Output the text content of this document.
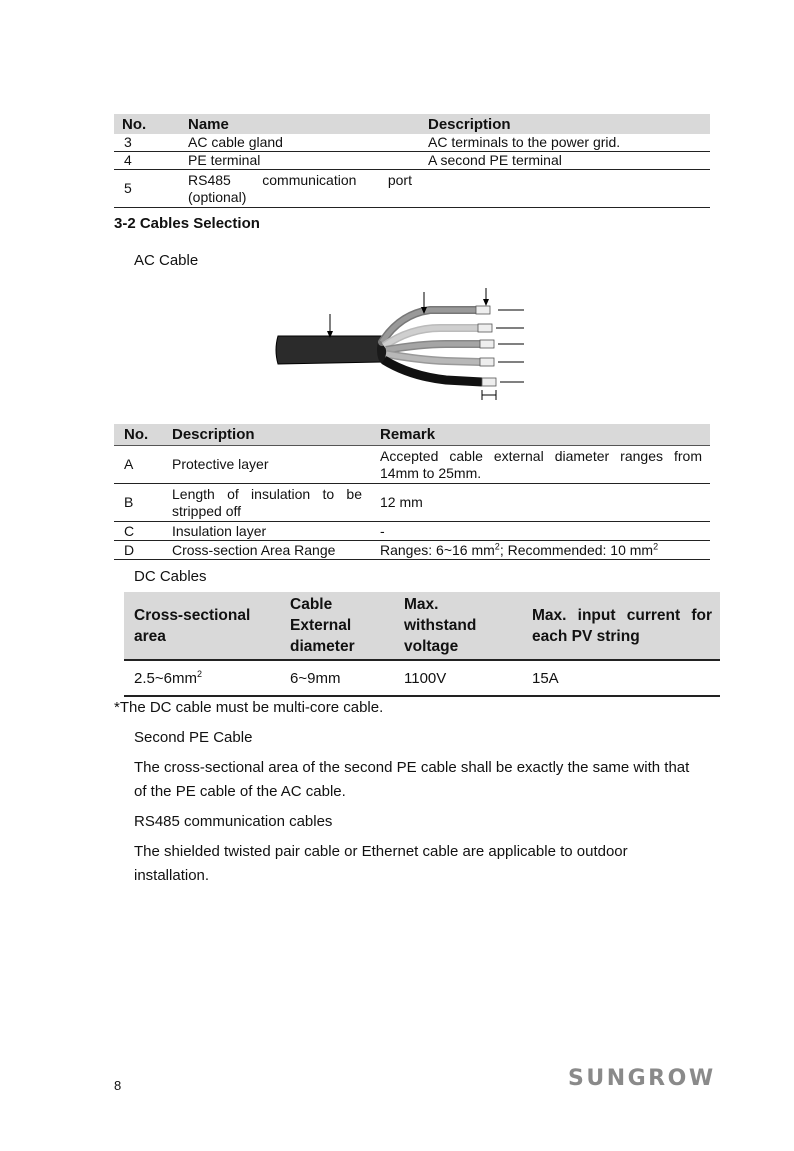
No.	Name	Description
3	AC cable gland	AC terminals to the power grid.
4	PE terminal	A second PE terminal
5	RS485 communication port (optional)	
3-2 Cables Selection
AC Cable
No.	Description	Remark
A	Protective layer	Accepted cable external diameter ranges from 14mm to 25mm.
B	Length of insulation to be stripped off	12 mm
C	Insulation layer	-
D	Cross-section Area Range	Ranges: 6~16 $mm^2$; Recommended: 10 $mm^2$
DC Cables
Cross-sectional area	Cable External diameter	Max. withstand voltage	Max. input current for each PV string
$2.5\sim 6mm^2$	6~9mm	1100V	15A
*The DC cable must be multi-core cable.
Second PE Cable
The cross-sectional area of the second PE cable shall be exactly the same with that of the PE cable of the AC cable.
RS485 communication cables
The shielded twisted pair cable or Ethernet cable are applicable to outdoor installation.
8	SUNGROW
